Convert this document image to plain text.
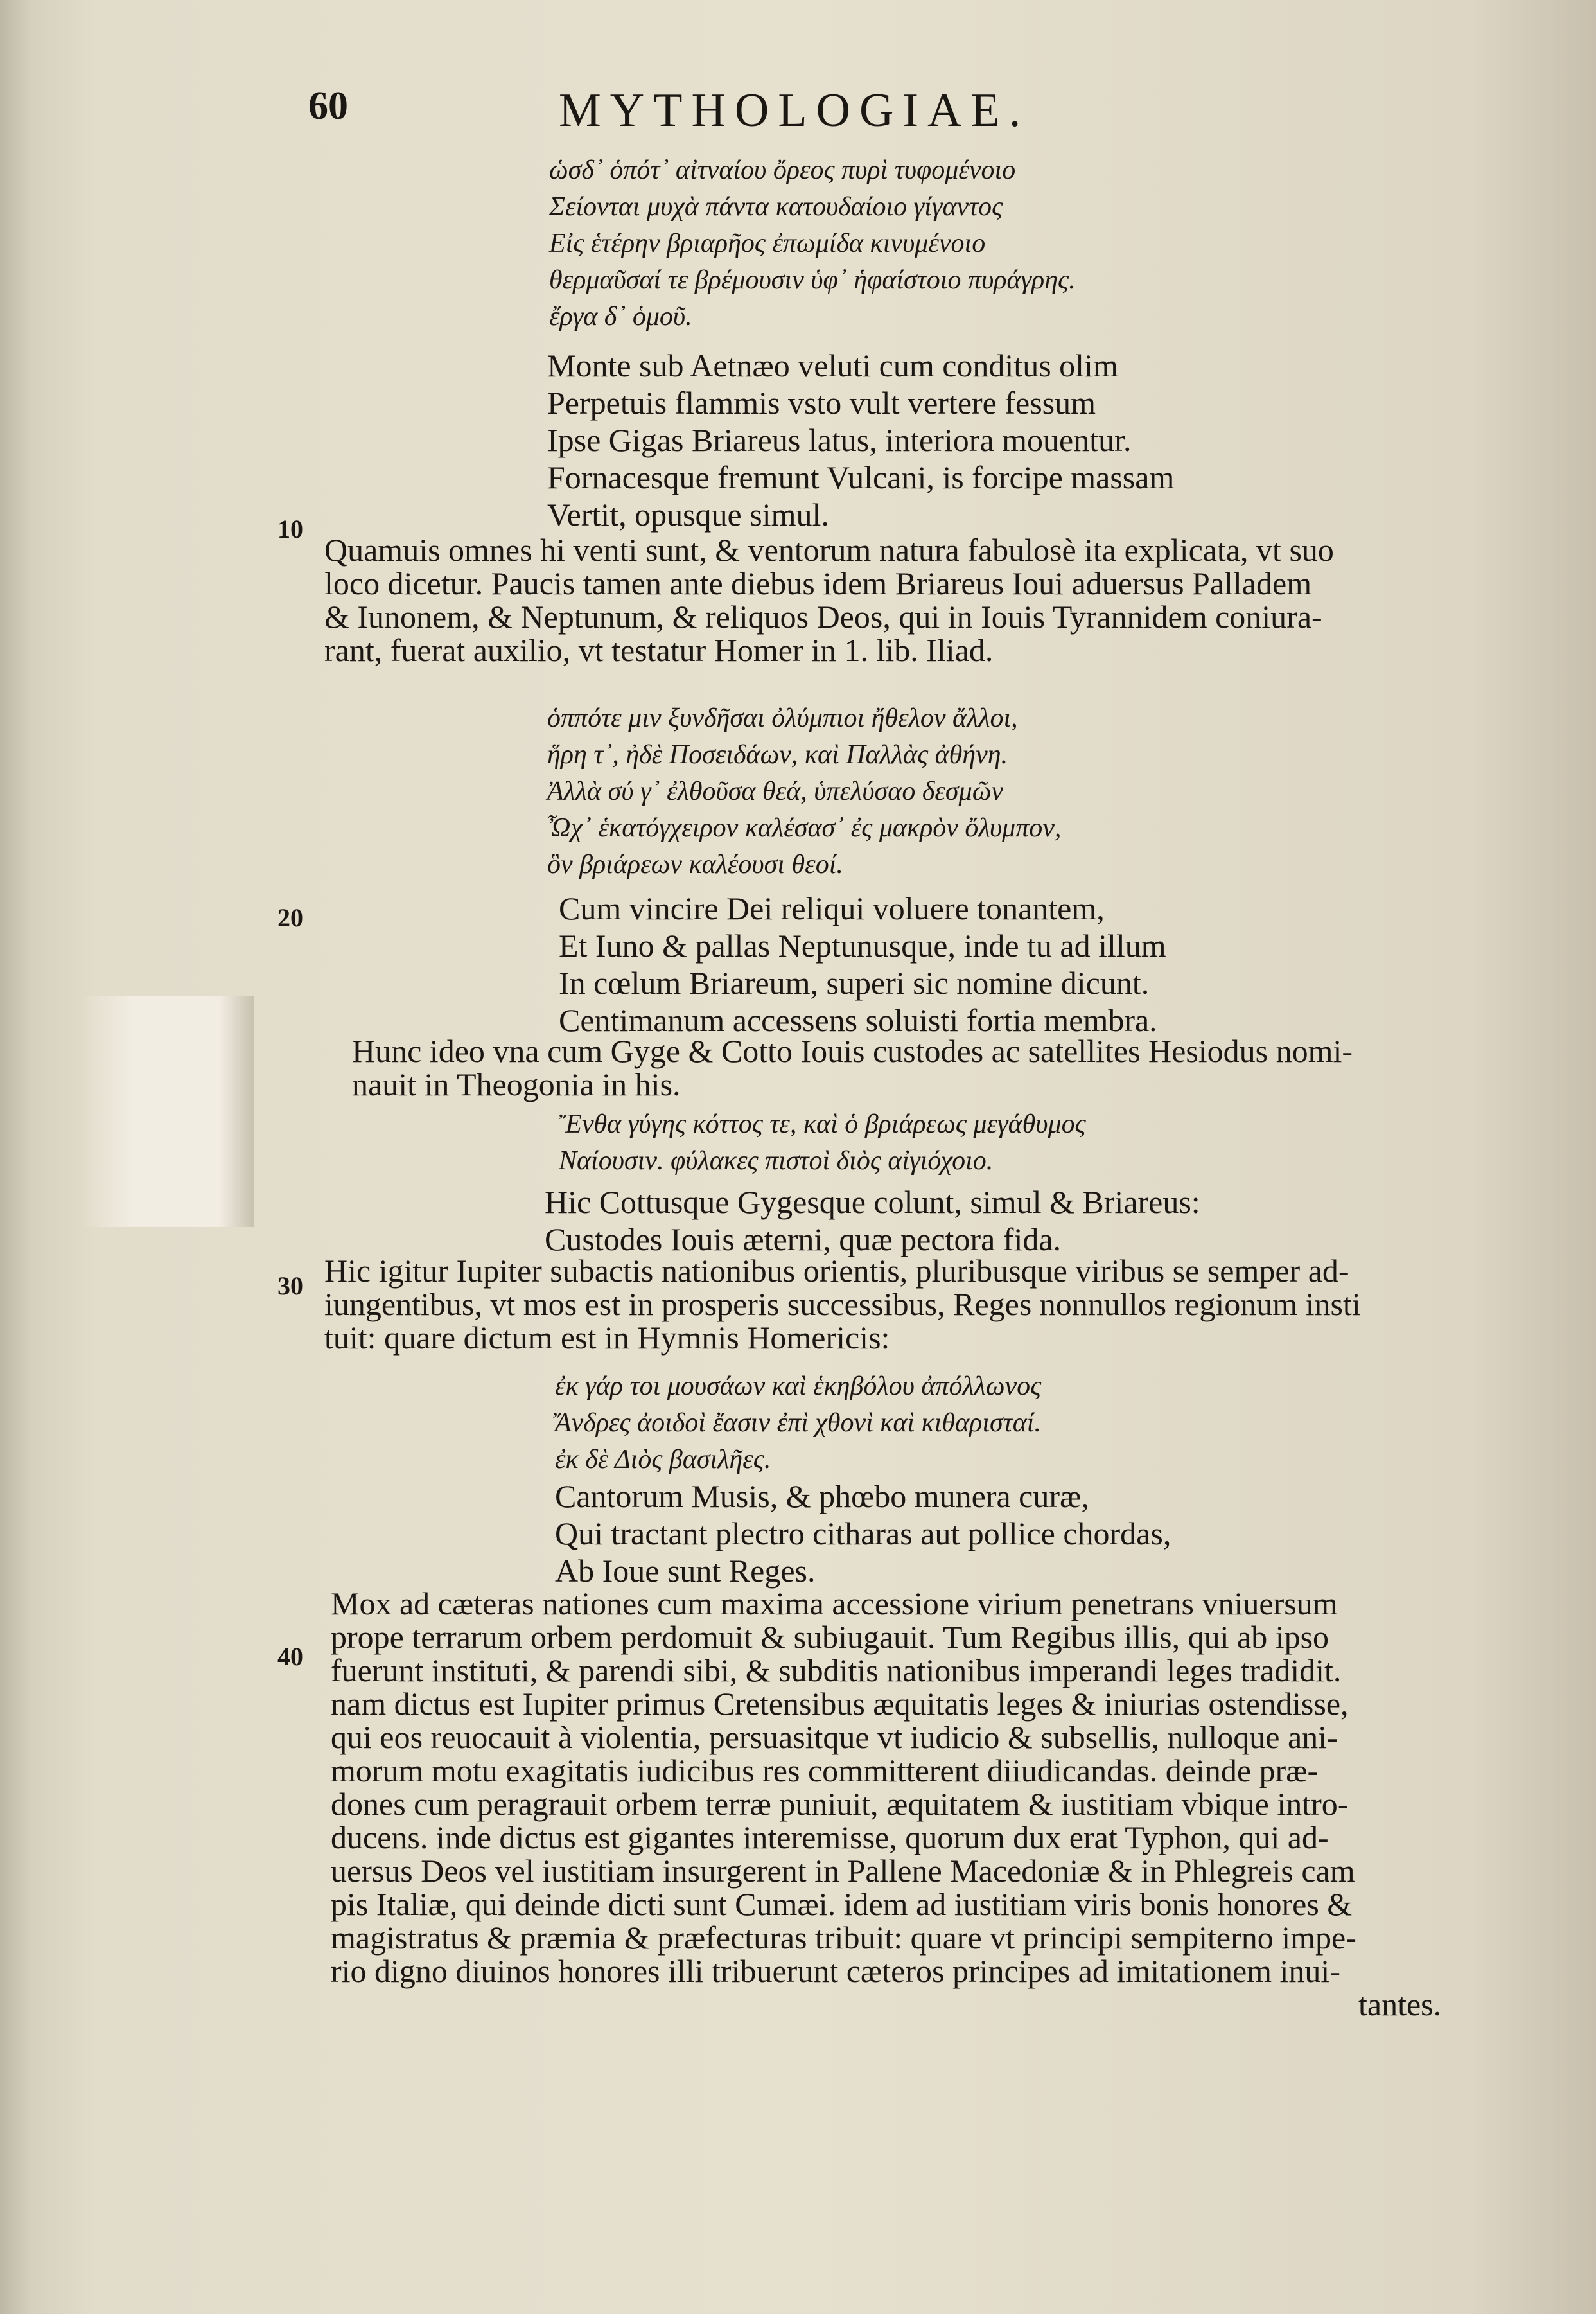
60	MYTHOLOGIAE.
ὡσδ᾽ ὁπότ᾽ αἰτναίου ὄρεος πυρὶ τυφομένοιο
Σείονται μυχὰ πάντα κατουδαίοιο γίγαντος
Εἰς ἑτέρην βριαρῆος ἐπωμίδα κινυμένοιο
θερμαῦσαί τε βρέμουσιν ὑφ᾽ ἡφαίστοιο πυράγρης.
ἔργα δ᾽ ὁμοῦ.
Monte sub Aetnæo veluti cum conditus olim
Perpetuis flammis vsto vult vertere fessum
Ipse Gigas Briareus latus, interiora mouentur.
Fornacesque fremunt Vulcani, is forcipe massam
Vertit, opusque simul.
10
Quamuis omnes hi venti sunt, & ventorum natura fabulosè ita explicata, vt suo
loco dicetur. Paucis tamen ante diebus idem Briareus Ioui aduersus Palladem
& Iunonem, & Neptunum, & reliquos Deos, qui in Iouis Tyrannidem coniura-
rant, fuerat auxilio, vt testatur Homer in 1. lib. Iliad.
ὁππότε μιν ξυνδῆσαι ὀλύμπιοι ἤθελον ἄλλοι,
ἥρη τ᾽, ἠδὲ Ποσειδάων, καὶ Παλλὰς ἀθήνη.
Ἀλλὰ σύ γ᾽ ἐλθοῦσα θεά, ὑπελύσαο δεσμῶν
Ὦχ᾽ ἑκατόγχειρον καλέσασ᾽ ἐς μακρὸν ὄλυμπον,
ὃν βριάρεων καλέουσι θεοί.
20	Cum vincire Dei reliqui voluere tonantem,
Et Iuno & pallas Neptunusque, inde tu ad illum
In cœlum Briareum, superi sic nomine dicunt.
Centimanum accessens soluisti fortia membra.
Hunc ideo vna cum Gyge & Cotto Iouis custodes ac satellites Hesiodus nomi-
nauit in Theogonia in his.
Ἔνθα γύγης κόττος τε, καὶ ὁ βριάρεως μεγάθυμος
Ναίουσιν. φύλακες πιστοὶ διὸς αἰγιόχοιο.
Hic Cottusque Gygesque colunt, simul & Briareus:
Custodes Iouis æterni, quæ pectora fida.
30 Hic igitur Iupiter subactis nationibus orientis, pluribusque viribus se semper ad-
iungentibus, vt mos est in prosperis successibus, Reges nonnullos regionum insti
tuit: quare dictum est in Hymnis Homericis:
ἐκ γάρ τοι μουσάων καὶ ἑκηβόλου ἀπόλλωνος
Ἄνδρες ἀοιδοὶ ἔασιν ἐπὶ χθονὶ καὶ κιθαρισταί.
ἐκ δὲ Διὸς βασιλῆες.
Cantorum Musis, & phœbo munera curæ,
Qui tractant plectro citharas aut pollice chordas,
Ab Ioue sunt Reges.
40
Mox ad cæteras nationes cum maxima accessione virium penetrans vniuersum
prope terrarum orbem perdomuit & subiugauit. Tum Regibus illis, qui ab ipso
fuerunt instituti, & parendi sibi, & subditis nationibus imperandi leges tradidit.
nam dictus est Iupiter primus Cretensibus æquitatis leges & iniurias ostendisse,
qui eos reuocauit à violentia, persuasitque vt iudicio & subsellis, nulloque ani-
morum motu exagitatis iudicibus res committerent diiudicandas. deinde præ-
dones cum peragrauit orbem terræ puniuit, æquitatem & iustitiam vbique intro-
ducens. inde dictus est gigantes interemisse, quorum dux erat Typhon, qui ad-
uersus Deos vel iustitiam insurgerent in Pallene Macedoniæ & in Phlegreis cam
pis Italiæ, qui deinde dicti sunt Cumæi. idem ad iustitiam viris bonis honores &
magistratus & præmia & præfecturas tribuit: quare vt principi sempiterno impe-
rio digno diuinos honores illi tribuerunt cæteros principes ad imitationem inui-
tantes.
